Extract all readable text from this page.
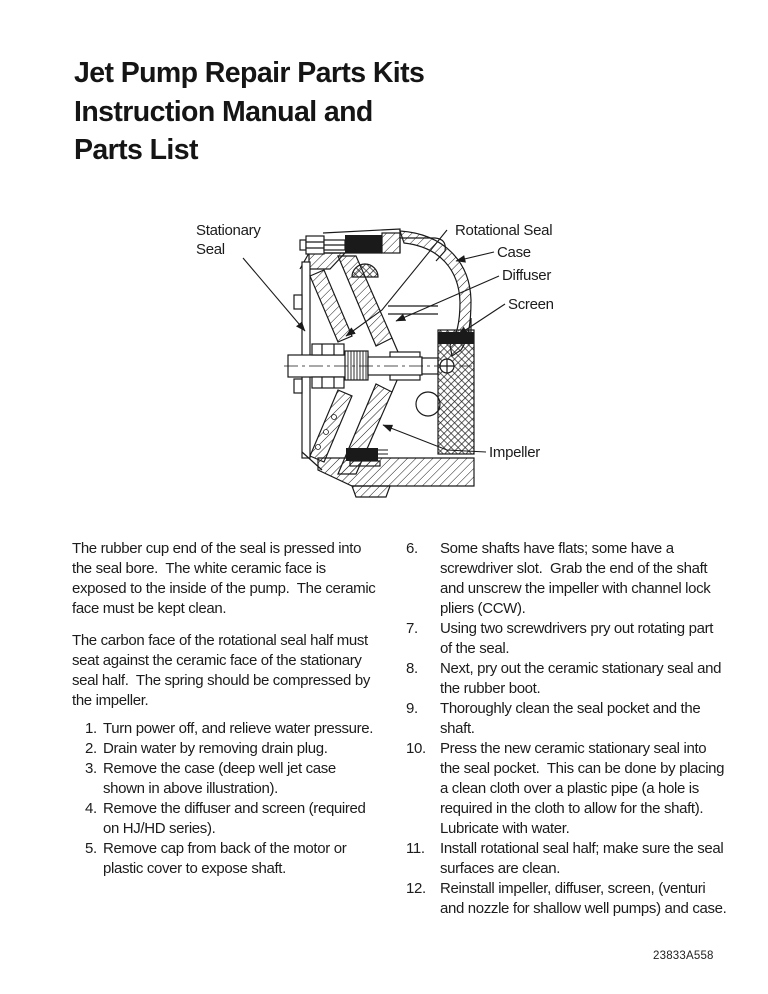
Jet Pump Repair Parts Kits
Instruction Manual and
Parts List
Stationary
Seal
Rotational Seal
Case
Diffuser
Screen
Impeller

The rubber cup end of the seal is pressed into the seal bore.  The white ceramic face is exposed to the inside of the pump.  The ceramic face must be kept clean.

The carbon face of the rotational seal half must seat against the ceramic face of the stationary seal half.  The spring should be compressed by the impeller.

1. Turn power off, and relieve water pressure.
2. Drain water by removing drain plug.
3. Remove the case (deep well jet case shown in above illustration).
4. Remove the diffuser and screen (required on HJ/HD series).
5. Remove cap from back of the motor or plastic cover to expose shaft.
6.	Some shafts have flats; some have a screwdriver slot.  Grab the end of the shaft and unscrew the impeller with channel lock pliers (CCW).
7.	Using two screwdrivers pry out rotating part of the seal.
8.	Next, pry out the ceramic stationary seal and the rubber boot.
9.	Thoroughly clean the seal pocket and the shaft.
10. Press the new ceramic stationary seal into the seal pocket.  This can be done by placing a clean cloth over a plastic pipe (a hole is required in the cloth to allow for the shaft).  Lubricate with water.
11.	Install rotational seal half; make sure the seal surfaces are clean.
12. Reinstall impeller, diffuser, screen, (venturi and nozzle for shallow well pumps) and case.
23833A558
